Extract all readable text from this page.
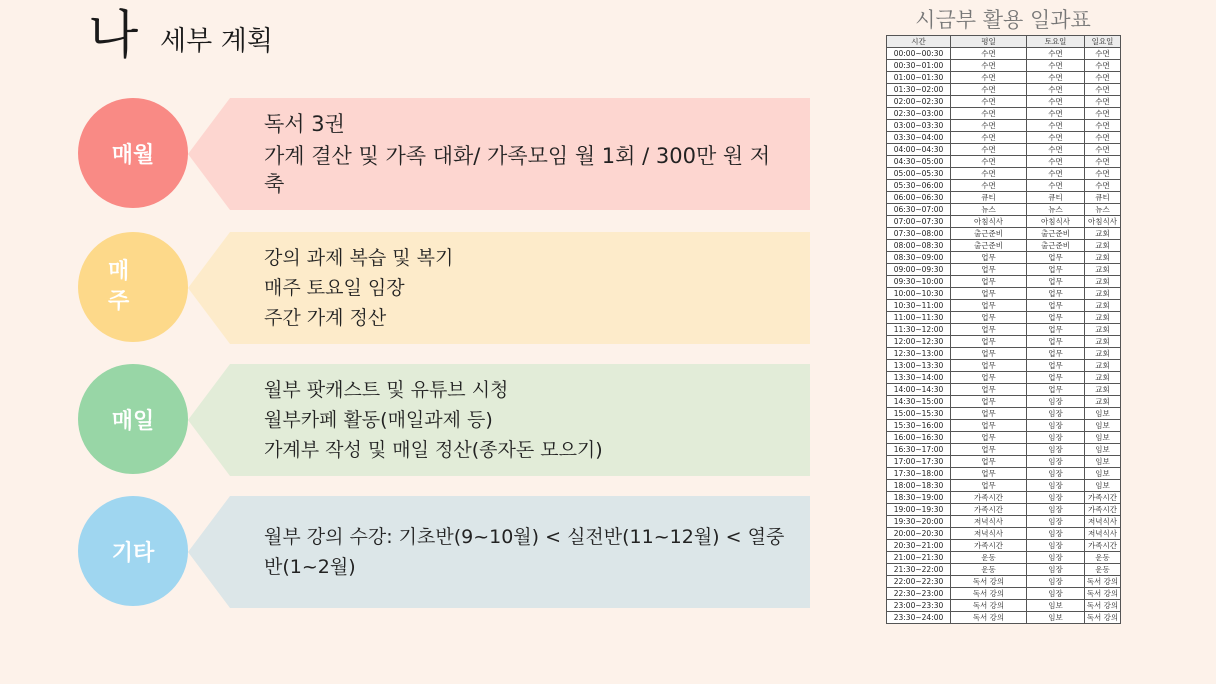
나 세부 계획
매월
독서 3권
가계 결산 및 가족 대화/ 가족모임 월 1회 / 300만 원 저축
매
주
강의 과제 복습 및 복기
매주 토요일 임장
주간 가계 정산
매일
월부 팟캐스트 및 유튜브 시청
월부카페 활동(매일과제 등)
가계부 작성 및 매일 정산(종자돈 모으기)
기타
월부 강의 수강: 기초반(9~10월) < 실전반(11~12월) < 열중반(1~2월)
시금부 활용 일과표
시간	평일	토요일	일요일
00:00~00:30	수면	수면	수면
00:30~01:00	수면	수면	수면
01:00~01:30	수면	수면	수면
01:30~02:00	수면	수면	수면
02:00~02:30	수면	수면	수면
02:30~03:00	수면	수면	수면
03:00~03:30	수면	수면	수면
03:30~04:00	수면	수면	수면
04:00~04:30	수면	수면	수면
04:30~05:00	수면	수면	수면
05:00~05:30	수면	수면	수면
05:30~06:00	수면	수면	수면
06:00~06:30	큐티	큐티	큐티
06:30~07:00	뉴스	뉴스	뉴스
07:00~07:30	아침식사	아침식사	아침식사
07:30~08:00	출근준비	출근준비	교회
08:00~08:30	출근준비	출근준비	교회
08:30~09:00	업무	업무	교회
09:00~09:30	업무	업무	교회
09:30~10:00	업무	업무	교회
10:00~10:30	업무	업무	교회
10:30~11:00	업무	업무	교회
11:00~11:30	업무	업무	교회
11:30~12:00	업무	업무	교회
12:00~12:30	업무	업무	교회
12:30~13:00	업무	업무	교회
13:00~13:30	업무	업무	교회
13:30~14:00	업무	업무	교회
14:00~14:30	업무	업무	교회
14:30~15:00	업무	임장	교회
15:00~15:30	업무	임장	임보
15:30~16:00	업무	임장	임보
16:00~16:30	업무	임장	임보
16:30~17:00	업무	임장	임보
17:00~17:30	업무	임장	임보
17:30~18:00	업무	임장	임보
18:00~18:30	업무	임장	임보
18:30~19:00	가족시간	임장	가족시간
19:00~19:30	가족시간	임장	가족시간
19:30~20:00	저녁식사	임장	저녁식사
20:00~20:30	저녁식사	임장	저녁식사
20:30~21:00	가족시간	임장	가족시간
21:00~21:30	운동	임장	운동
21:30~22:00	운동	임장	운동
22:00~22:30	독서 강의	임장	독서 강의
22:30~23:00	독서 강의	임장	독서 강의
23:00~23:30	독서 강의	임보	독서 강의
23:30~24:00	독서 강의	임보	독서 강의
